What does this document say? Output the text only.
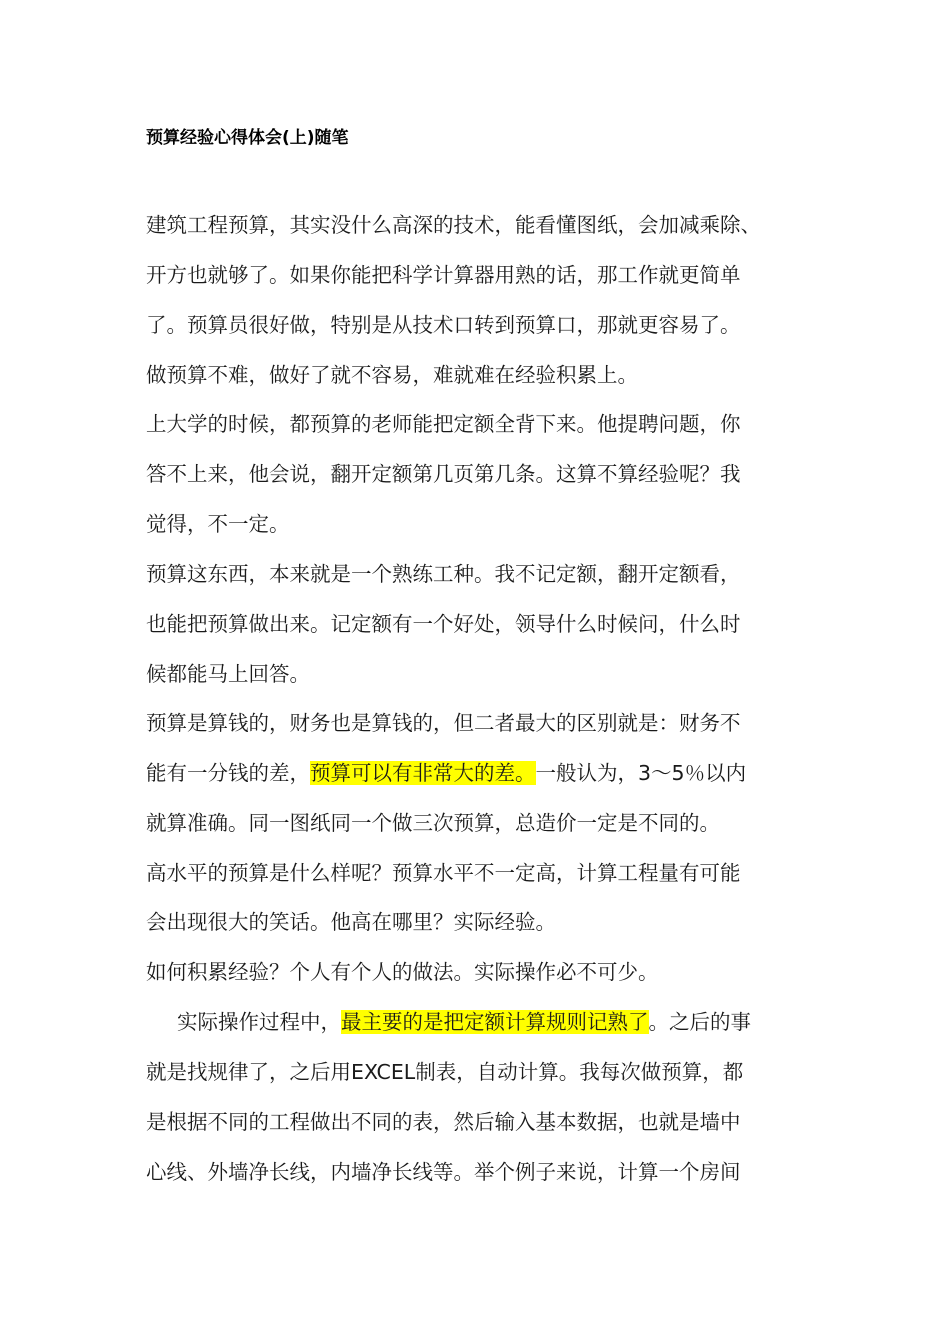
预算经验心得体会(上)随笔
建筑工程预算，其实没什么高深的技术，能看懂图纸，会加减乘除、
开方也就够了。如果你能把科学计算器用熟的话，那工作就更简单
了。预算员很好做，特别是从技术口转到预算口，那就更容易了。
做预算不难，做好了就不容易，难就难在经验积累上。
上大学的时候，都预算的老师能把定额全背下来。他提聘问题，你
答不上来，他会说，翻开定额第几页第几条。这算不算经验呢？我
觉得，不一定。
预算这东西，本来就是一个熟练工种。我不记定额，翻开定额看，
也能把预算做出来。记定额有一个好处，领导什么时候问，什么时
候都能马上回答。
预算是算钱的，财务也是算钱的，但二者最大的区别就是：财务不
能有一分钱的差，预算可以有非常大的差。一般认为，3～5％以内
就算准确。同一图纸同一个做三次预算，总造价一定是不同的。
高水平的预算是什么样呢？预算水平不一定高，计算工程量有可能
会出现很大的笑话。他高在哪里？实际经验。
如何积累经验？个人有个人的做法。实际操作必不可少。
实际操作过程中，最主要的是把定额计算规则记熟了。之后的事
就是找规律了，之后用EXCEL制表，自动计算。我每次做预算，都
是根据不同的工程做出不同的表，然后输入基本数据，也就是墙中
心线、外墙净长线，内墙净长线等。举个例子来说，计算一个房间
